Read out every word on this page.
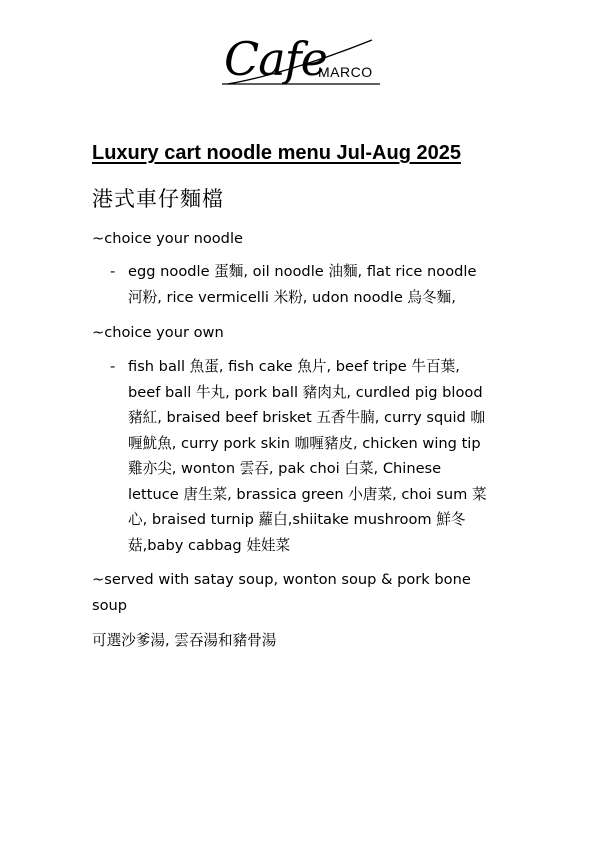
Cafe
MARCO
Luxury cart noodle menu Jul-Aug 2025
港式車仔麵檔
~choice your noodle
- egg noodle 蛋麵, oil noodle 油麵, flat rice noodle
河粉, rice vermicelli 米粉, udon noodle 烏冬麵,
~choice your own
- fish ball 魚蛋, fish cake 魚片, beef tripe 牛百葉,
beef ball 牛丸, pork ball 豬肉丸, curdled pig blood
豬紅, braised beef brisket 五香牛腩, curry squid 咖
喱魷魚, curry pork skin 咖喱豬皮, chicken wing tip
雞亦尖, wonton 雲吞, pak choi 白菜, Chinese
lettuce 唐生菜, brassica green 小唐菜, choi sum 菜
心, braised turnip 蘿白,shiitake mushroom 鮮冬
菇,baby cabbag 娃娃菜
~served with satay soup, wonton soup & pork bone
soup
可選沙爹湯, 雲吞湯和豬骨湯
